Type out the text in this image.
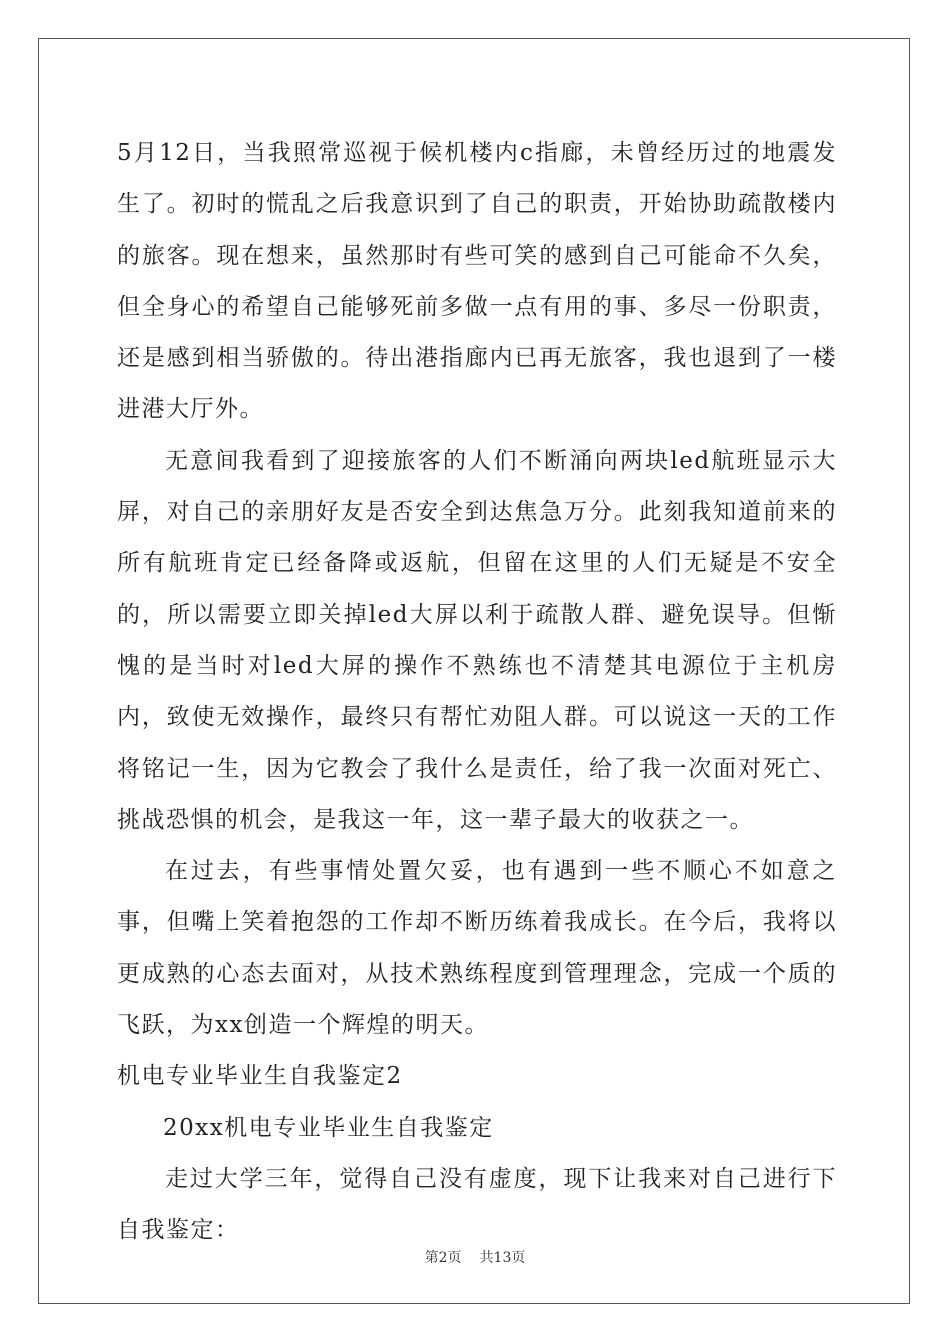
5月12日，当我照常巡视于候机楼内c指廊，未曾经历过的地震发生了。初时的慌乱之后我意识到了自己的职责，开始协助疏散楼内的旅客。现在想来，虽然那时有些可笑的感到自己可能命不久矣，但全身心的希望自己能够死前多做一点有用的事、多尽一份职责，还是感到相当骄傲的。待出港指廊内已再无旅客，我也退到了一楼进港大厅外。

无意间我看到了迎接旅客的人们不断涌向两块led航班显示大屏，对自己的亲朋好友是否安全到达焦急万分。此刻我知道前来的所有航班肯定已经备降或返航，但留在这里的人们无疑是不安全的，所以需要立即关掉led大屏以利于疏散人群、避免误导。但惭愧的是当时对led大屏的操作不熟练也不清楚其电源位于主机房内，致使无效操作，最终只有帮忙劝阻人群。可以说这一天的工作将铭记一生，因为它教会了我什么是责任，给了我一次面对死亡、挑战恐惧的机会，是我这一年，这一辈子最大的收获之一。

在过去，有些事情处置欠妥，也有遇到一些不顺心不如意之事，但嘴上笑着抱怨的工作却不断历练着我成长。在今后，我将以更成熟的心态去面对，从技术熟练程度到管理理念，完成一个质的飞跃，为xx创造一个辉煌的明天。

机电专业毕业生自我鉴定2

20xx机电专业毕业生自我鉴定

走过大学三年，觉得自己没有虚度，现下让我来对自己进行下自我鉴定：

第2页 共13页
